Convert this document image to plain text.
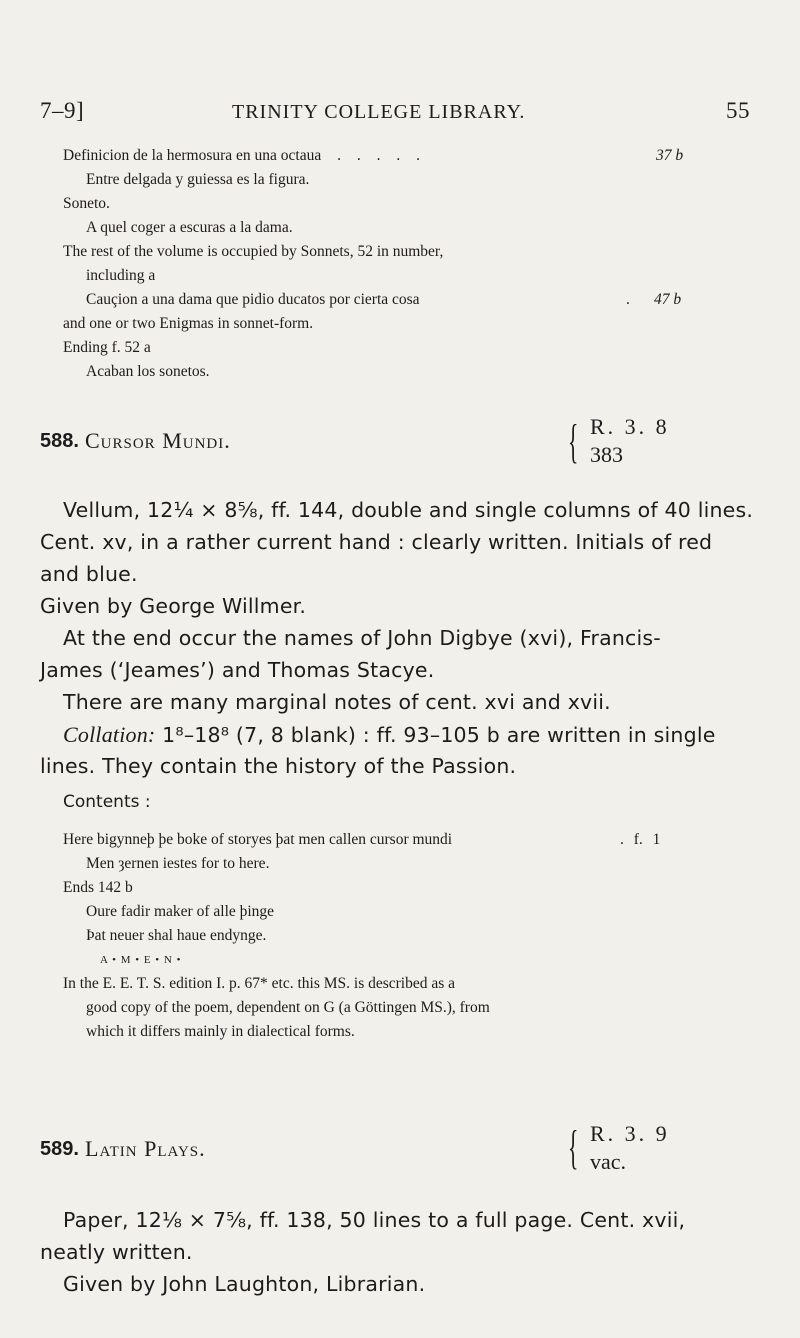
7–9]	TRINITY COLLEGE LIBRARY.	55
Definicion de la hermosura en una octaua . . . . .	37 b
Entre delgada y guiessa es la figura.
Soneto.
A quel coger a escuras a la dama.
The rest of the volume is occupied by Sonnets, 52 in number,
including a
Cauçion a una dama que pidio ducatos por cierta cosa	. 47 b
and one or two Enigmas in sonnet-form.
Ending f. 52 a
Acaban los sonetos.
588. Cursor Mundi.	{ R. 3. 8
383
Vellum, 12¼ × 8⅝, ff. 144, double and single columns of 40 lines.
Cent. xv, in a rather current hand : clearly written. Initials of red
and blue.
Given by George Willmer.
At the end occur the names of John Digbye (xvi), Francis-
James (‘Jeames’) and Thomas Stacye.
There are many marginal notes of cent. xvi and xvii.
Collation: 1⁸–18⁸ (7, 8 blank) : ff. 93–105 b are written in single
lines. They contain the history of the Passion.
Contents :
Here bigynneþ þe boke of storyes þat men callen cursor mundi	. f. 1
Men ȝernen iestes for to here.
Ends 142 b
Oure fadir maker of alle þinge
Þat neuer shal haue endynge.
A • M • E • N •
In the E. E. T. S. edition I. p. 67* etc. this MS. is described as a
good copy of the poem, dependent on G (a Göttingen MS.), from
which it differs mainly in dialectical forms.
589. Latin Plays.	{ R. 3. 9
vac.
Paper, 12⅛ × 7⅝, ff. 138, 50 lines to a full page. Cent. xvii,
neatly written.
Given by John Laughton, Librarian.
